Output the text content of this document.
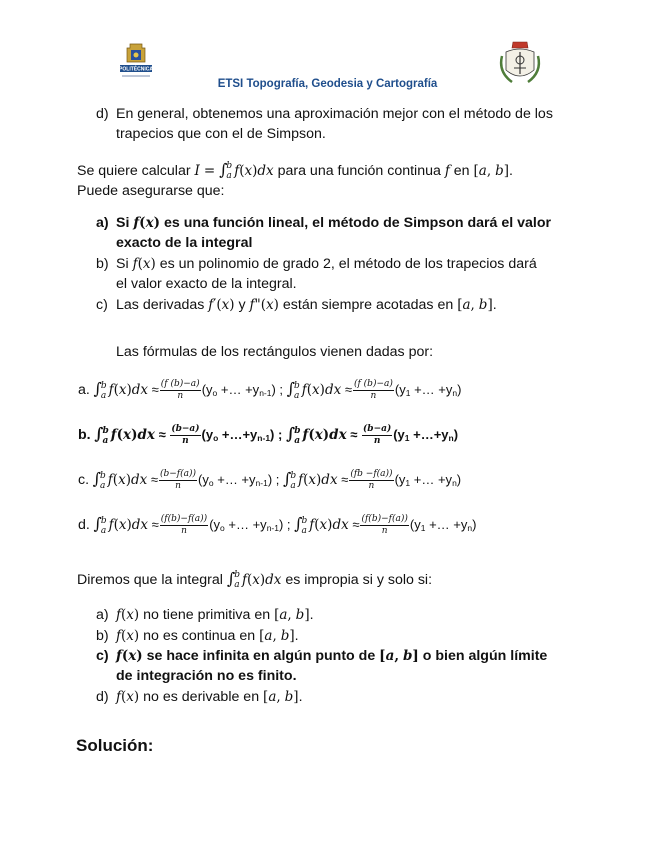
POLITÉCNICA
ETSI Topografía, Geodesia y Cartografía
d) En general, obtenemos una aproximación mejor con el método de los
trapecios que con el de Simpson.
Se quiere calcular I = ∫ b
a f(x)dx para una función continua f en [a, b].
Puede asegurarse que:
a) Si f(x) es una función lineal, el método de Simpson dará el valor
exacto de la integral
b) Si f(x) es un polinomio de grado 2, el método de los trapecios dará
el valor exacto de la integral.
c) Las derivadas f′(x) y f"(x) están siempre acotadas en [a, b].
Las fórmulas de los rectángulos vienen dadas por:
a. ∫ b
a $f(x)dx \approx \frac{(f (b)-a)}{n} (y_o$ +… $+y_{n-1}$) ; ∫ b
a $f(x)dx \approx \frac{(f (b)-a)}{n} (y_1$ +… $+y_n$)
b. ∫ b
a $f(x)dx \approx \frac{(b-a)}{n} (y_o$ $+\dots+y_{n-1}$) ; ∫ b
a $f(x)dx \approx \frac{(b-a)}{n} (y_1$ $+\dots+y_n$)
c. ∫ b
a $f(x)dx \approx \frac{(b-f(a))}{n} (y_o$ +… $+y_{n-1}$) ; ∫ b
a $f(x)dx \approx \frac{(fb -f(a))}{n} (y_1$ +… $+y_n$)
d. ∫ b
a $f(x)dx \approx \frac{(f(b)-f(a))}{n} (y_o$ +… $+y_{n-1}$) ; ∫ b
a $f(x)dx \approx \frac{(f(b)-f(a))}{n} (y_1$ +… $+y_n$)
Diremos que la integral ∫ b
a f(x)dx es impropia si y solo si:
a) f(x) no tiene primitiva en [a, b].
b) f(x) no es continua en [a, b].
c) f(x) se hace infinita en algún punto de [a, b] o bien algún límite
de integración no es finito.
d) f(x) no es derivable en [a, b].
Solución:
